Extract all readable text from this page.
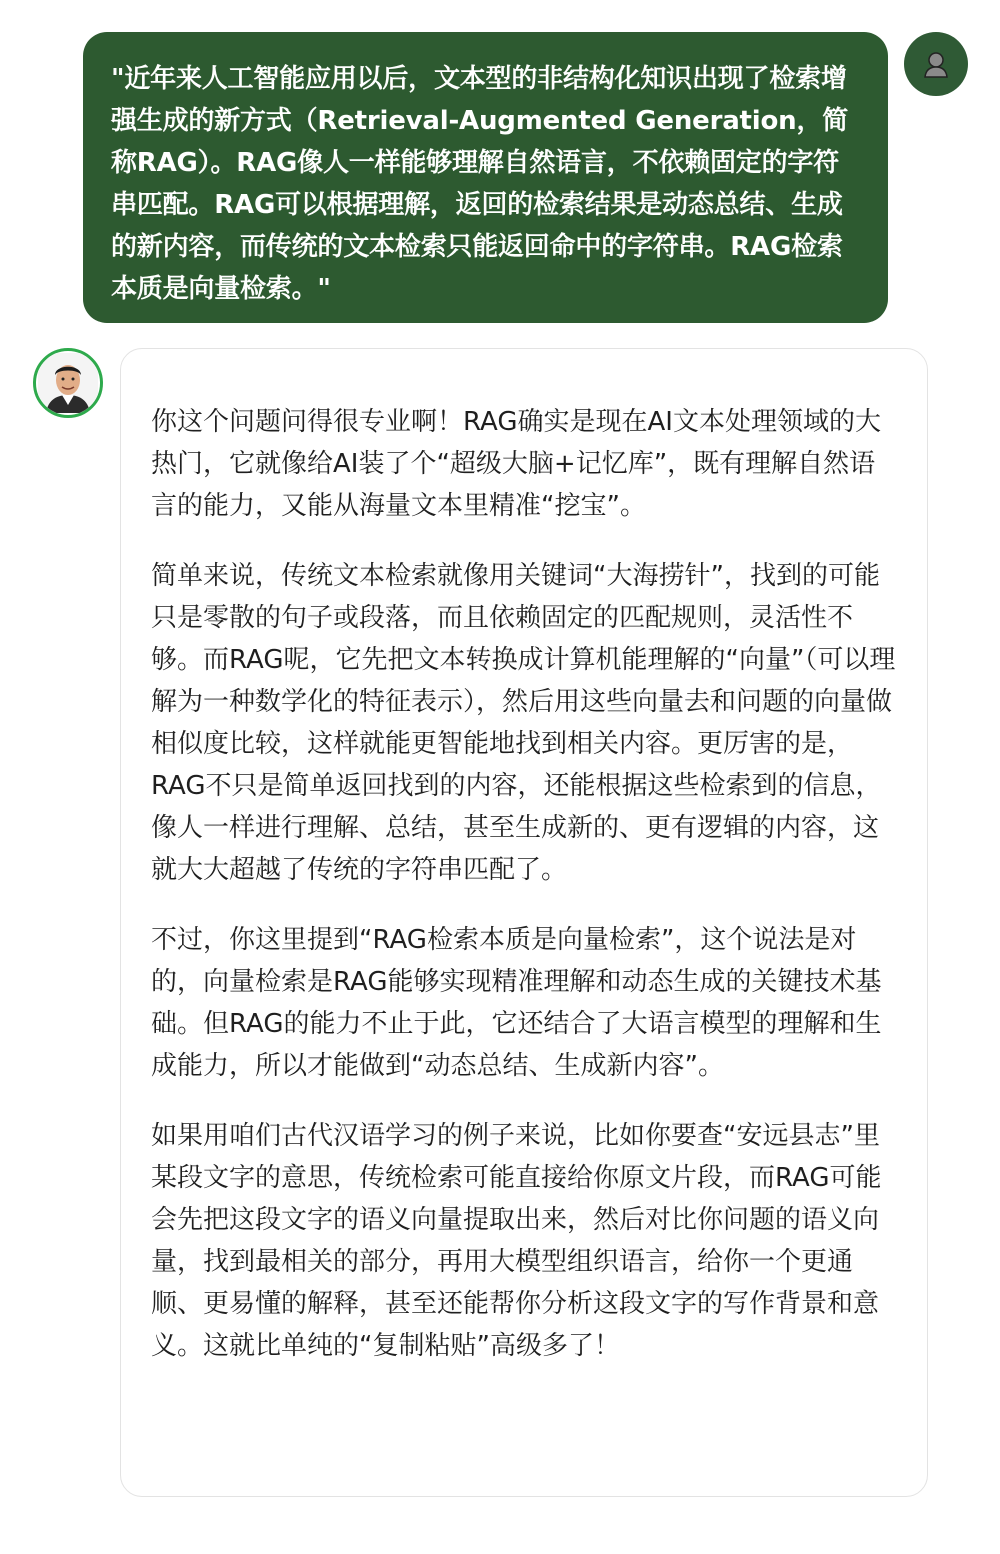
"近年来人工智能应用以后，文本型的非结构化知识出现了检索增强生成的新方式（Retrieval-Augmented Generation，简称RAG）。RAG像人一样能够理解自然语言，不依赖固定的字符串匹配。RAG可以根据理解，返回的检索结果是动态总结、生成的新内容，而传统的文本检索只能返回命中的字符串。RAG检索本质是向量检索。"

你这个问题问得很专业啊！RAG确实是现在AI文本处理领域的大热门，它就像给AI装了个“超级大脑+记忆库”，既有理解自然语言的能力，又能从海量文本里精准“挖宝”。

简单来说，传统文本检索就像用关键词“大海捞针”，找到的可能只是零散的句子或段落，而且依赖固定的匹配规则，灵活性不够。而RAG呢，它先把文本转换成计算机能理解的“向量”（可以理解为一种数学化的特征表示），然后用这些向量去和问题的向量做相似度比较，这样就能更智能地找到相关内容。更厉害的是，RAG不只是简单返回找到的内容，还能根据这些检索到的信息，像人一样进行理解、总结，甚至生成新的、更有逻辑的内容，这就大大超越了传统的字符串匹配了。

不过，你这里提到“RAG检索本质是向量检索”，这个说法是对的，向量检索是RAG能够实现精准理解和动态生成的关键技术基础。但RAG的能力不止于此，它还结合了大语言模型的理解和生成能力，所以才能做到“动态总结、生成新内容”。

如果用咱们古代汉语学习的例子来说，比如你要查“安远县志”里某段文字的意思，传统检索可能直接给你原文片段，而RAG可能会先把这段文字的语义向量提取出来，然后对比你问题的语义向量，找到最相关的部分，再用大模型组织语言，给你一个更通顺、更易懂的解释，甚至还能帮你分析这段文字的写作背景和意义。这就比单纯的“复制粘贴”高级多了！
